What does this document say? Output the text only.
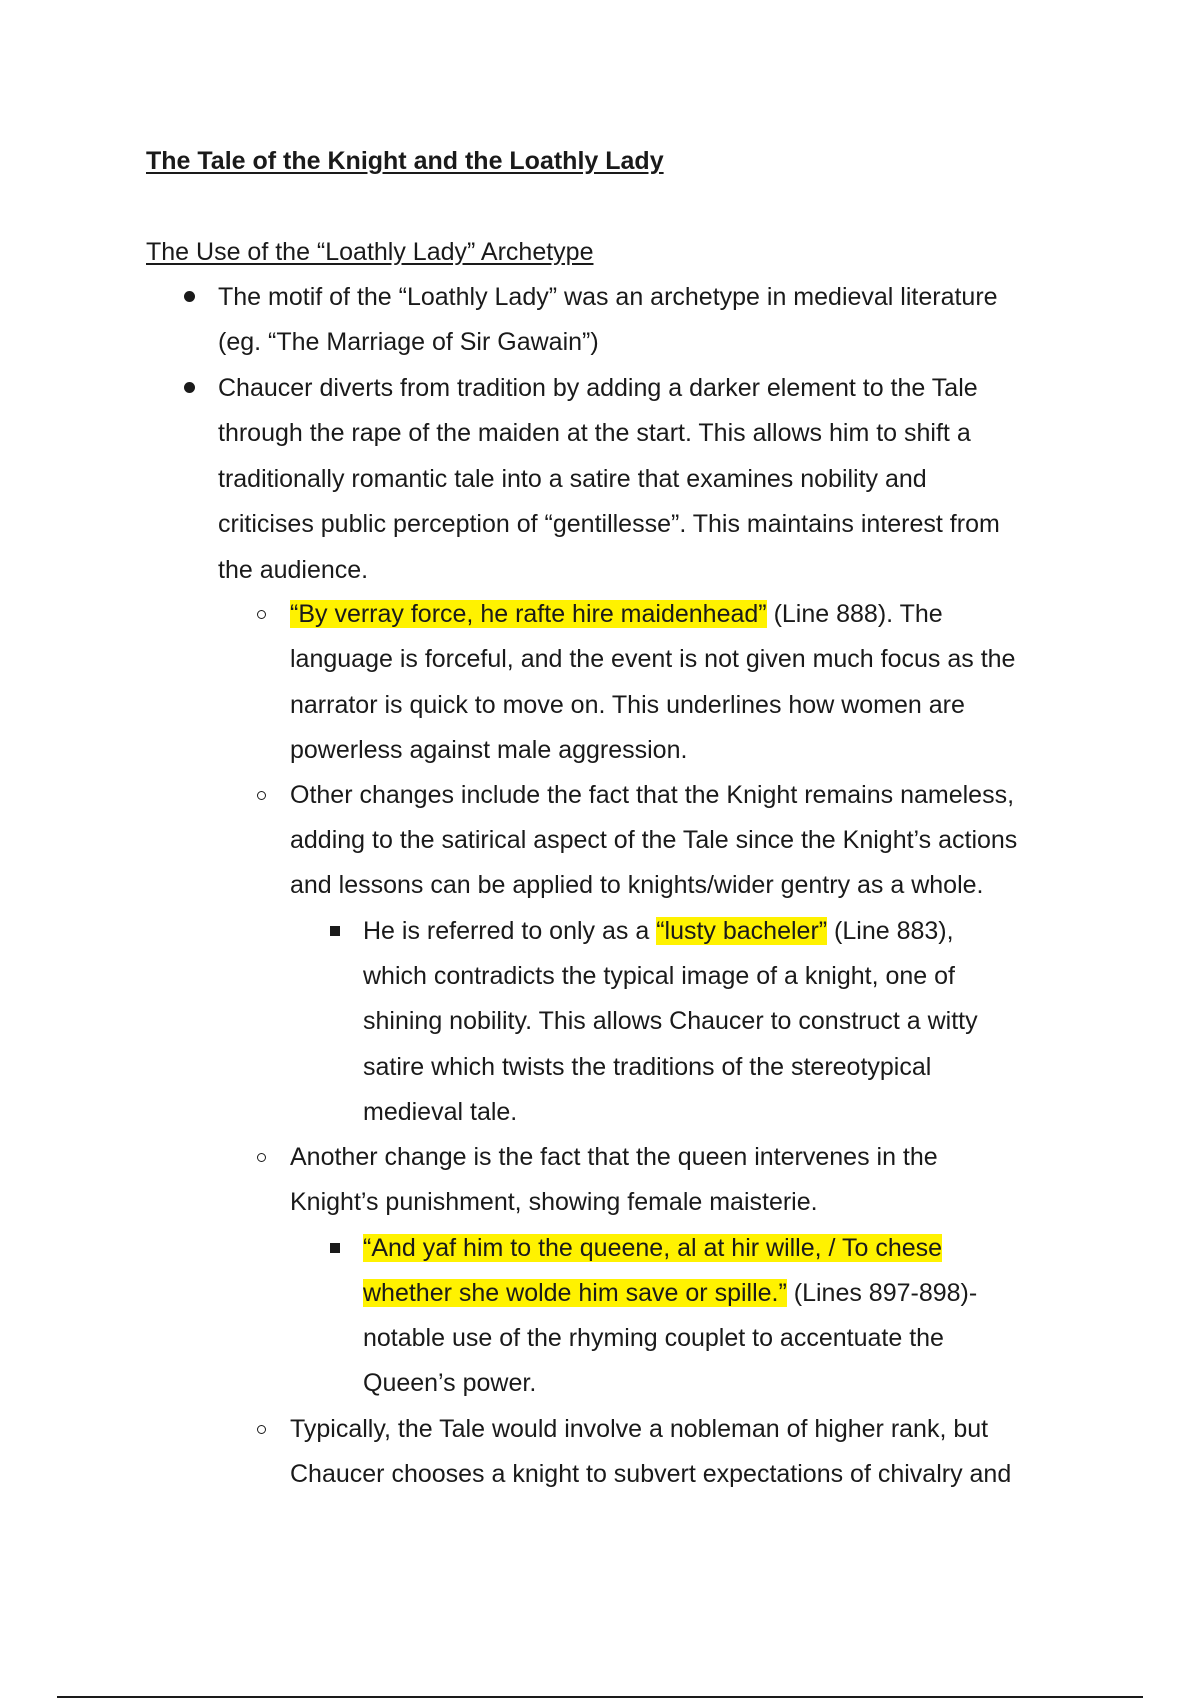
The Tale of the Knight and the Loathly Lady
The Use of the “Loathly Lady” Archetype

The motif of the “Loathly Lady” was an archetype in medieval literature

(eg. “The Marriage of Sir Gawain”)

Chaucer diverts from tradition by adding a darker element to the Tale

through the rape of the maiden at the start. This allows him to shift a

traditionally romantic tale into a satire that examines nobility and

criticises public perception of “gentillesse”. This maintains interest from

the audience.

“By verray force, he rafte hire maidenhead” (Line 888). The

language is forceful, and the event is not given much focus as the

narrator is quick to move on. This underlines how women are

powerless against male aggression.

Other changes include the fact that the Knight remains nameless,

adding to the satirical aspect of the Tale since the Knight’s actions

and lessons can be applied to knights/wider gentry as a whole.

He is referred to only as a “lusty bacheler” (Line 883),

which contradicts the typical image of a knight, one of

shining nobility. This allows Chaucer to construct a witty

satire which twists the traditions of the stereotypical

medieval tale.

Another change is the fact that the queen intervenes in the

Knight’s punishment, showing female maisterie.

“And yaf him to the queene, al at hir wille, / To chese

whether she wolde him save or spille.” (Lines 897-898)-

notable use of the rhyming couplet to accentuate the

Queen’s power.

Typically, the Tale would involve a nobleman of higher rank, but

Chaucer chooses a knight to subvert expectations of chivalry and
